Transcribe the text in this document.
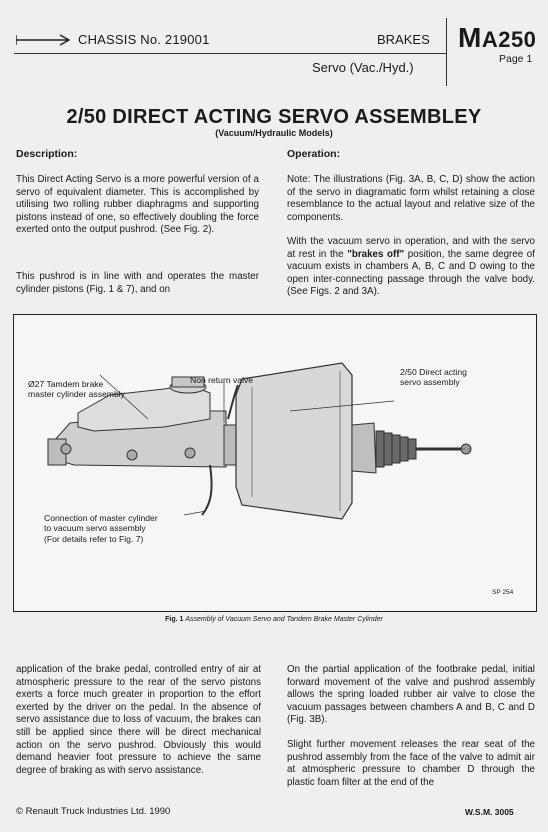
CHASSIS No. 219001	BRAKES
Servo (Vac./Hyd.)
MA250
Page 1
2/50 DIRECT ACTING SERVO ASSEMBLEY
(Vacuum/Hydraulic Models)
Description:
This Direct Acting Servo is a more powerful version of a servo of equivalent diameter. This is accomplished by utilising two rolling rubber diaphragms and supporting pistons instead of one, so effectively doubling the force exerted onto the output pushrod. (See Fig. 2).
This pushrod is in line with and operates the master cylinder pistons (Fig. 1 & 7), and on
Operation:
Note: The illustrations (Fig. 3A, B, C, D) show the action of the servo in diagramatic form whilst retaining a close resemblance to the actual layout and relative size of the components.
With the vacuum servo in operation, and with the servo at rest in the "brakes off" position, the same degree of vacuum exists in chambers A, B, C and D owing to the open inter-connecting passage through the valve body. (See Figs. 2 and 3A).
Ø27 Tamdem brake
master cylinder assembly
Non return valve
2/50 Direct acting
servo assembly
Connection of master cylinder
to vacuum servo assembly
(For details refer to Fig. 7)
SP 254
Fig. 1 Assembly of Vacuum Servo and Tandem Brake Master Cylinder
application of the brake pedal, controlled entry of air at atmospheric pressure to the rear of the servo pistons exerts a force much greater in proportion to the effort exerted by the driver on the pedal. In the absence of servo assistance due to loss of vacuum, the brakes can still be applied since there will be direct mechanical action on the servo pushrod. Obviously this would demand heavier foot pressure to achieve the same degree of braking as with servo assistance.
On the partial application of the footbrake pedal, initial forward movement of the valve and pushrod assembly allows the spring loaded rubber air valve to close the vacuum passages between chambers A and B, C and D (Fig. 3B).
Slight further movement releases the rear seat of the pushrod assembly from the face of the valve to admit air at atmospheric pressure to chamber D through the plastic foam filter at the end of the
© Renault Truck Industries Ltd. 1990	W.S.M. 3005
